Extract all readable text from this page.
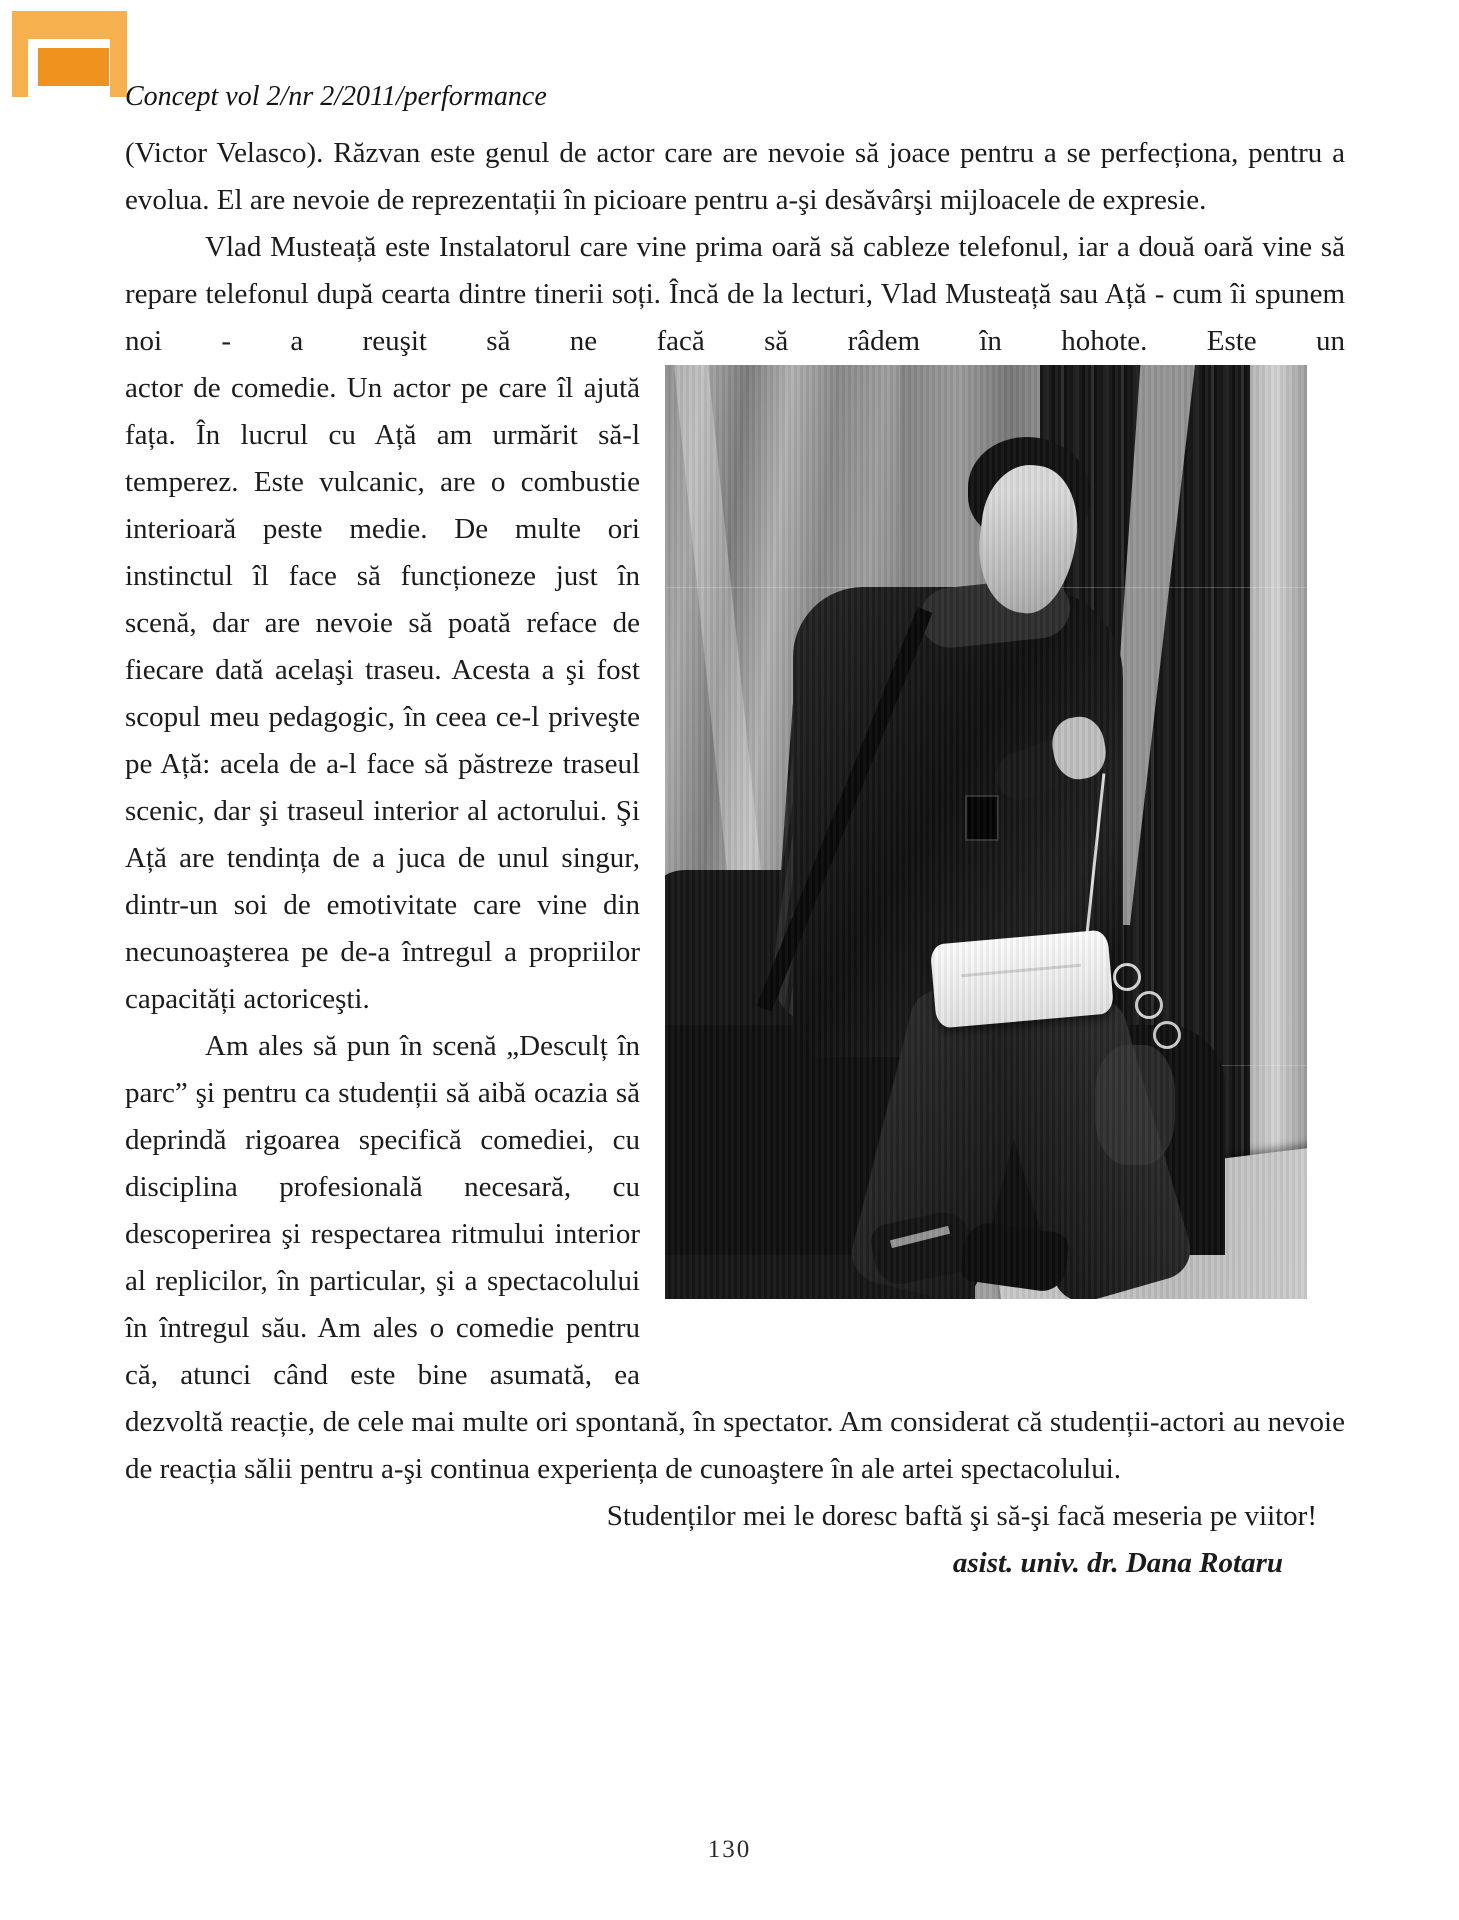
Concept vol 2/nr 2/2011/performance

(Victor Velasco). Răzvan este genul de actor care are nevoie să joace pentru a se perfecționa, pentru a evolua. El are nevoie de reprezentații în picioare pentru a-şi desăvârşi mijloacele de expresie.

Vlad Musteață este Instalatorul care vine prima oară să cableze telefonul, iar a două oară vine să repare telefonul după cearta dintre tinerii soți. Încă de la lecturi, Vlad Musteață sau Ață - cum îi spunem noi - a reuşit să ne facă să râdem în hohote. Este un

actor de comedie. Un actor pe care îl ajută fața. În lucrul cu Ață am urmărit să-l temperez. Este vulcanic, are o combustie interioară peste medie. De multe ori instinctul îl face să funcționeze just în scenă, dar are nevoie să poată reface de fiecare dată acelaşi traseu. Acesta a şi fost scopul meu pedagogic, în ceea ce-l priveşte pe Ață: acela de a-l face să păstreze traseul scenic, dar şi traseul interior al actorului. Şi Ață are tendința de a juca de unul singur, dintr-un soi de emotivitate care vine din necunoaşterea pe de-a întregul a propriilor capacități actoriceşti.

Am ales să pun în scenă „Desculț în parc” şi pentru ca studenții să aibă ocazia să deprindă rigoarea specifică comediei, cu disciplina profesională necesară, cu descoperirea şi respectarea ritmului interior al replicilor, în particular, şi a spectacolului în întregul său. Am ales o comedie pentru că, atunci când este bine asumată, ea dezvoltă reacție, de cele mai multe ori spontană, în spectator. Am considerat că studenții-actori au nevoie de reacția sălii pentru a-şi continua experiența de cunoaştere în ale artei spectacolului.

Studenților mei le doresc baftă şi să-şi facă meseria pe viitor!

asist. univ. dr. Dana Rotaru

130
